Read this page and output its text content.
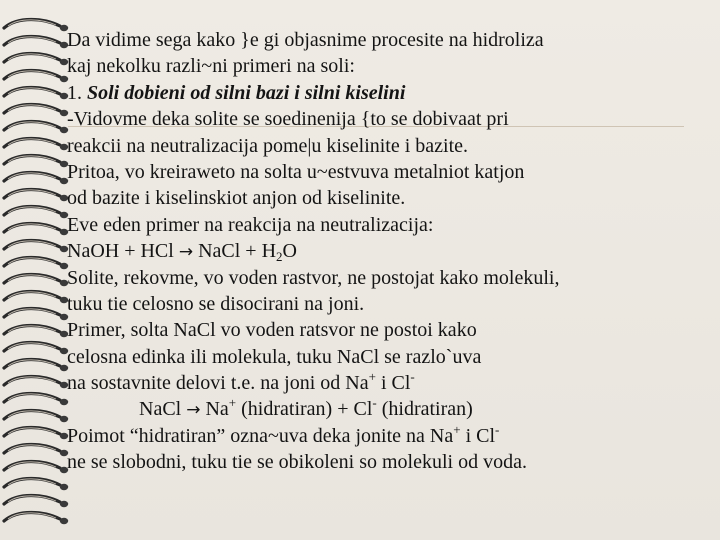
Da vidime sega kako }e gi objasnime procesite na hidroliza
kaj nekolku razli~ni primeri na soli:
1. Soli dobieni od silni bazi i silni kiselini
-Vidovme deka solite se soedinenija {to se dobivaat pri
reakcii na neutralizacija pome|u kiselinite i bazite.
Pritoa, vo kreiraweto na solta u~estvuva metalniot katjon
od bazite i kiselinskiot anjon od kiselinite.
Eve eden primer na reakcija na neutralizacija:
NaOH + HCl → NaCl + $H_2O$
Solite, rekovme, vo voden rastvor, ne postojat kako molekuli,
tuku tie celosno se disocirani na joni.
Primer, solta NaCl vo voden ratsvor ne postoi kako
celosna edinka ili molekula, tuku NaCl se razlo`uva
na sostavnite delovi t.e. na joni od Na+ i Cl-
NaCl → Na+ (hidratiran) + Cl- (hidratiran)
Poimot “hidratiran” ozna~uva deka jonite na Na+ i Cl-
ne se slobodni, tuku tie se obikoleni so molekuli od voda.
